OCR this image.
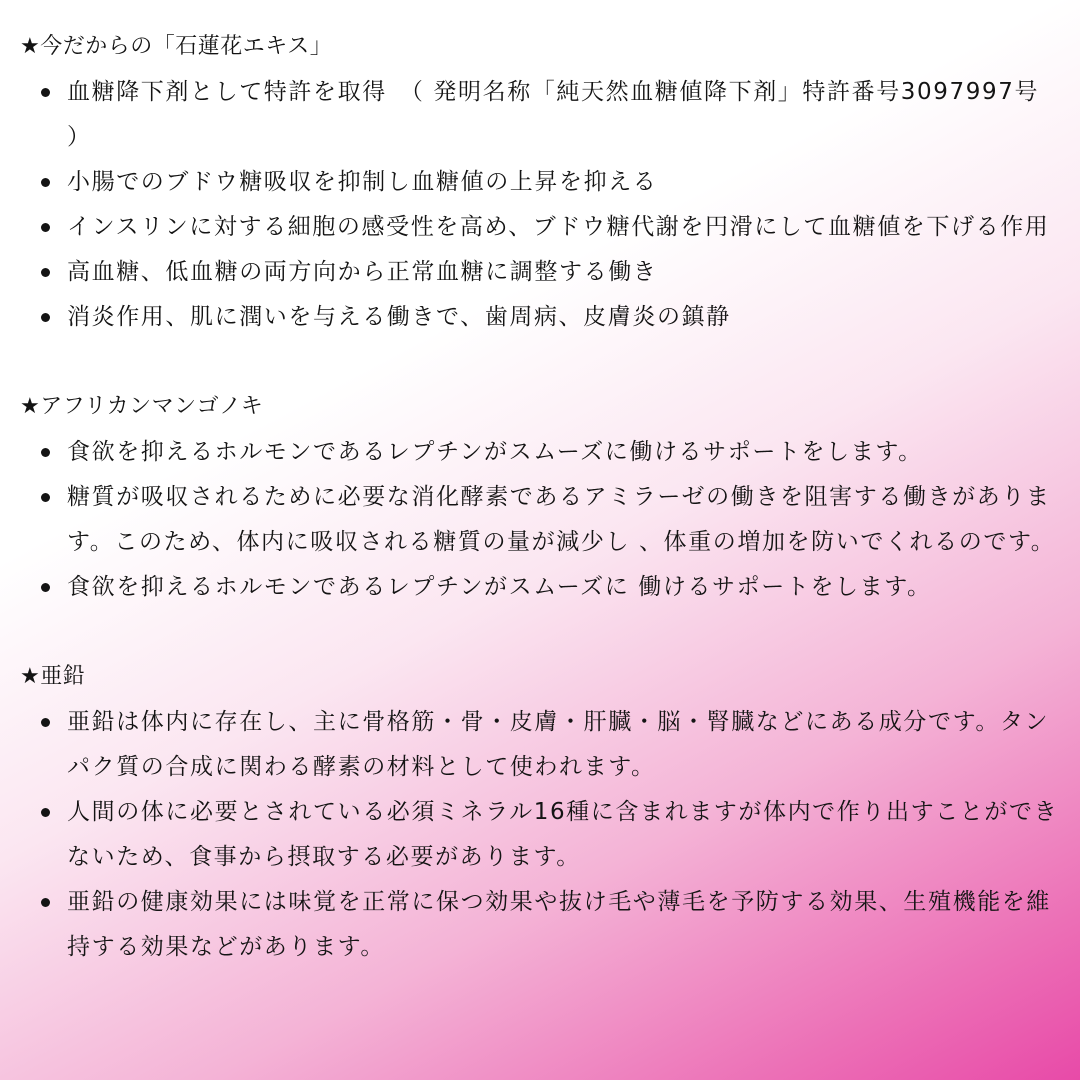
★今だからの「石蓮花エキス」
血糖降下剤として特許を取得　（ 発明名称「純天然血糖値降下剤」特許番号3097997号 ）
小腸でのブドウ糖吸収を抑制し血糖値の上昇を抑える
インスリンに対する細胞の感受性を高め、ブドウ糖代謝を円滑にして血糖値を下げる作用
高血糖、低血糖の両方向から正常血糖に調整する働き
消炎作用、肌に潤いを与える働きで、歯周病、皮膚炎の鎮静
★アフリカンマンゴノキ
食欲を抑えるホルモンであるレプチンがスムーズに働けるサポートをします。
糖質が吸収されるために必要な消化酵素であるアミラーゼの働きを阻害する働きがあります。このため、体内に吸収される糖質の量が減少し 、体重の増加を防いでくれるのです。
食欲を抑えるホルモンであるレプチンがスムーズに 働けるサポートをします。
★亜鉛
亜鉛は体内に存在し、主に骨格筋・骨・皮膚・肝臓・脳・腎臓などにある成分です。タンパク質の合成に関わる酵素の材料として使われます。
人間の体に必要とされている必須ミネラル16種に含まれますが体内で作り出すことができないため、食事から摂取する必要があります。
亜鉛の健康効果には味覚を正常に保つ効果や抜け毛や薄毛を予防する効果、生殖機能を維持する効果などがあります。
